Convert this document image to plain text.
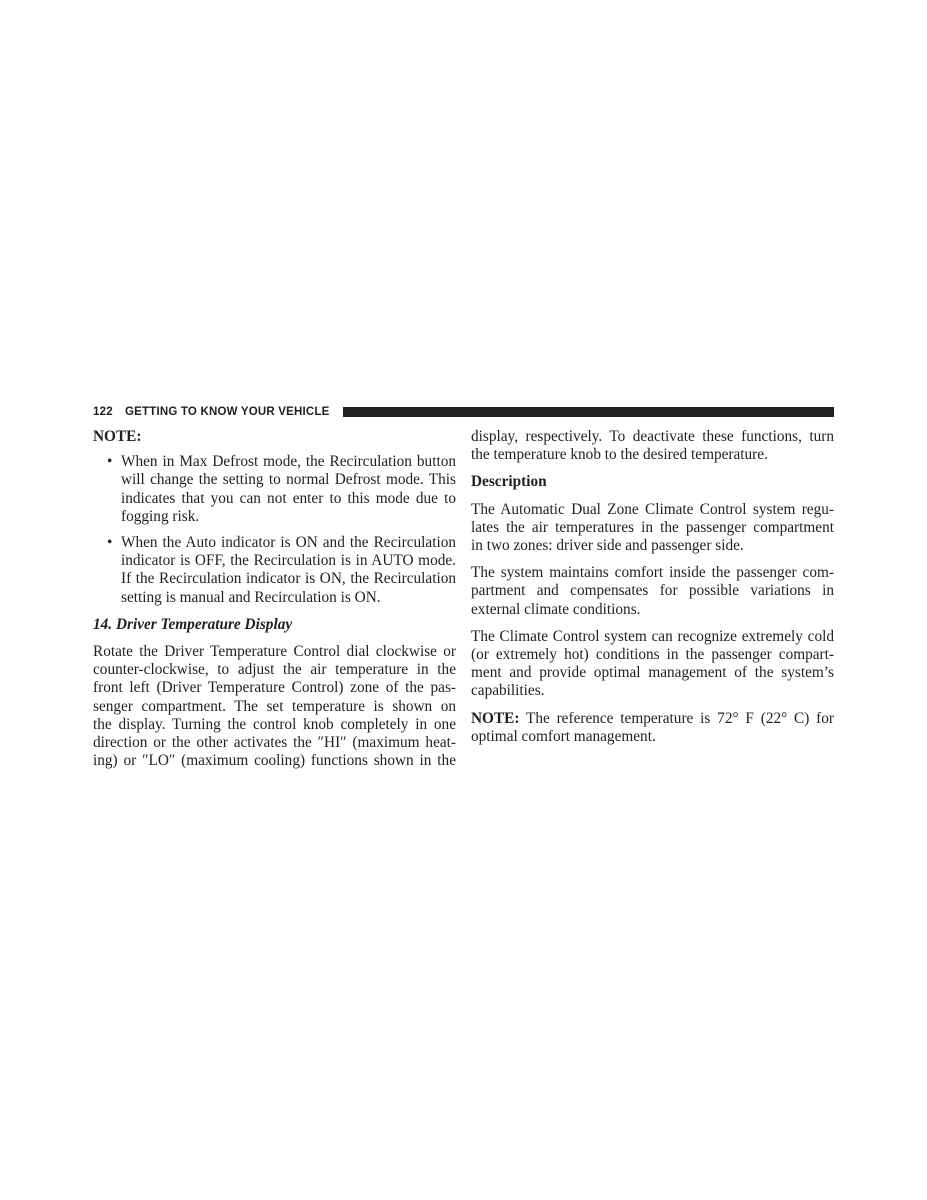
122 GETTING TO KNOW YOUR VEHICLE
NOTE:
• When in Max Defrost mode, the Recirculation button
will change the setting to normal Defrost mode. This
indicates that you can not enter to this mode due to
fogging risk.
• When the Auto indicator is ON and the Recirculation
indicator is OFF, the Recirculation is in AUTO mode.
If the Recirculation indicator is ON, the Recirculation
setting is manual and Recirculation is ON.
14. Driver Temperature Display
Rotate the Driver Temperature Control dial clockwise or
counter-clockwise, to adjust the air temperature in the
front left (Driver Temperature Control) zone of the pas-
senger compartment. The set temperature is shown on
the display. Turning the control knob completely in one
direction or the other activates the ″HI″ (maximum heat-
ing) or ″LO″ (maximum cooling) functions shown in the
display, respectively. To deactivate these functions, turn
the temperature knob to the desired temperature.
Description
The Automatic Dual Zone Climate Control system regu-
lates the air temperatures in the passenger compartment
in two zones: driver side and passenger side.
The system maintains comfort inside the passenger com-
partment and compensates for possible variations in
external climate conditions.
The Climate Control system can recognize extremely cold
(or extremely hot) conditions in the passenger compart-
ment and provide optimal management of the system’s
capabilities.
NOTE: The reference temperature is 72° F (22° C) for
optimal comfort management.
